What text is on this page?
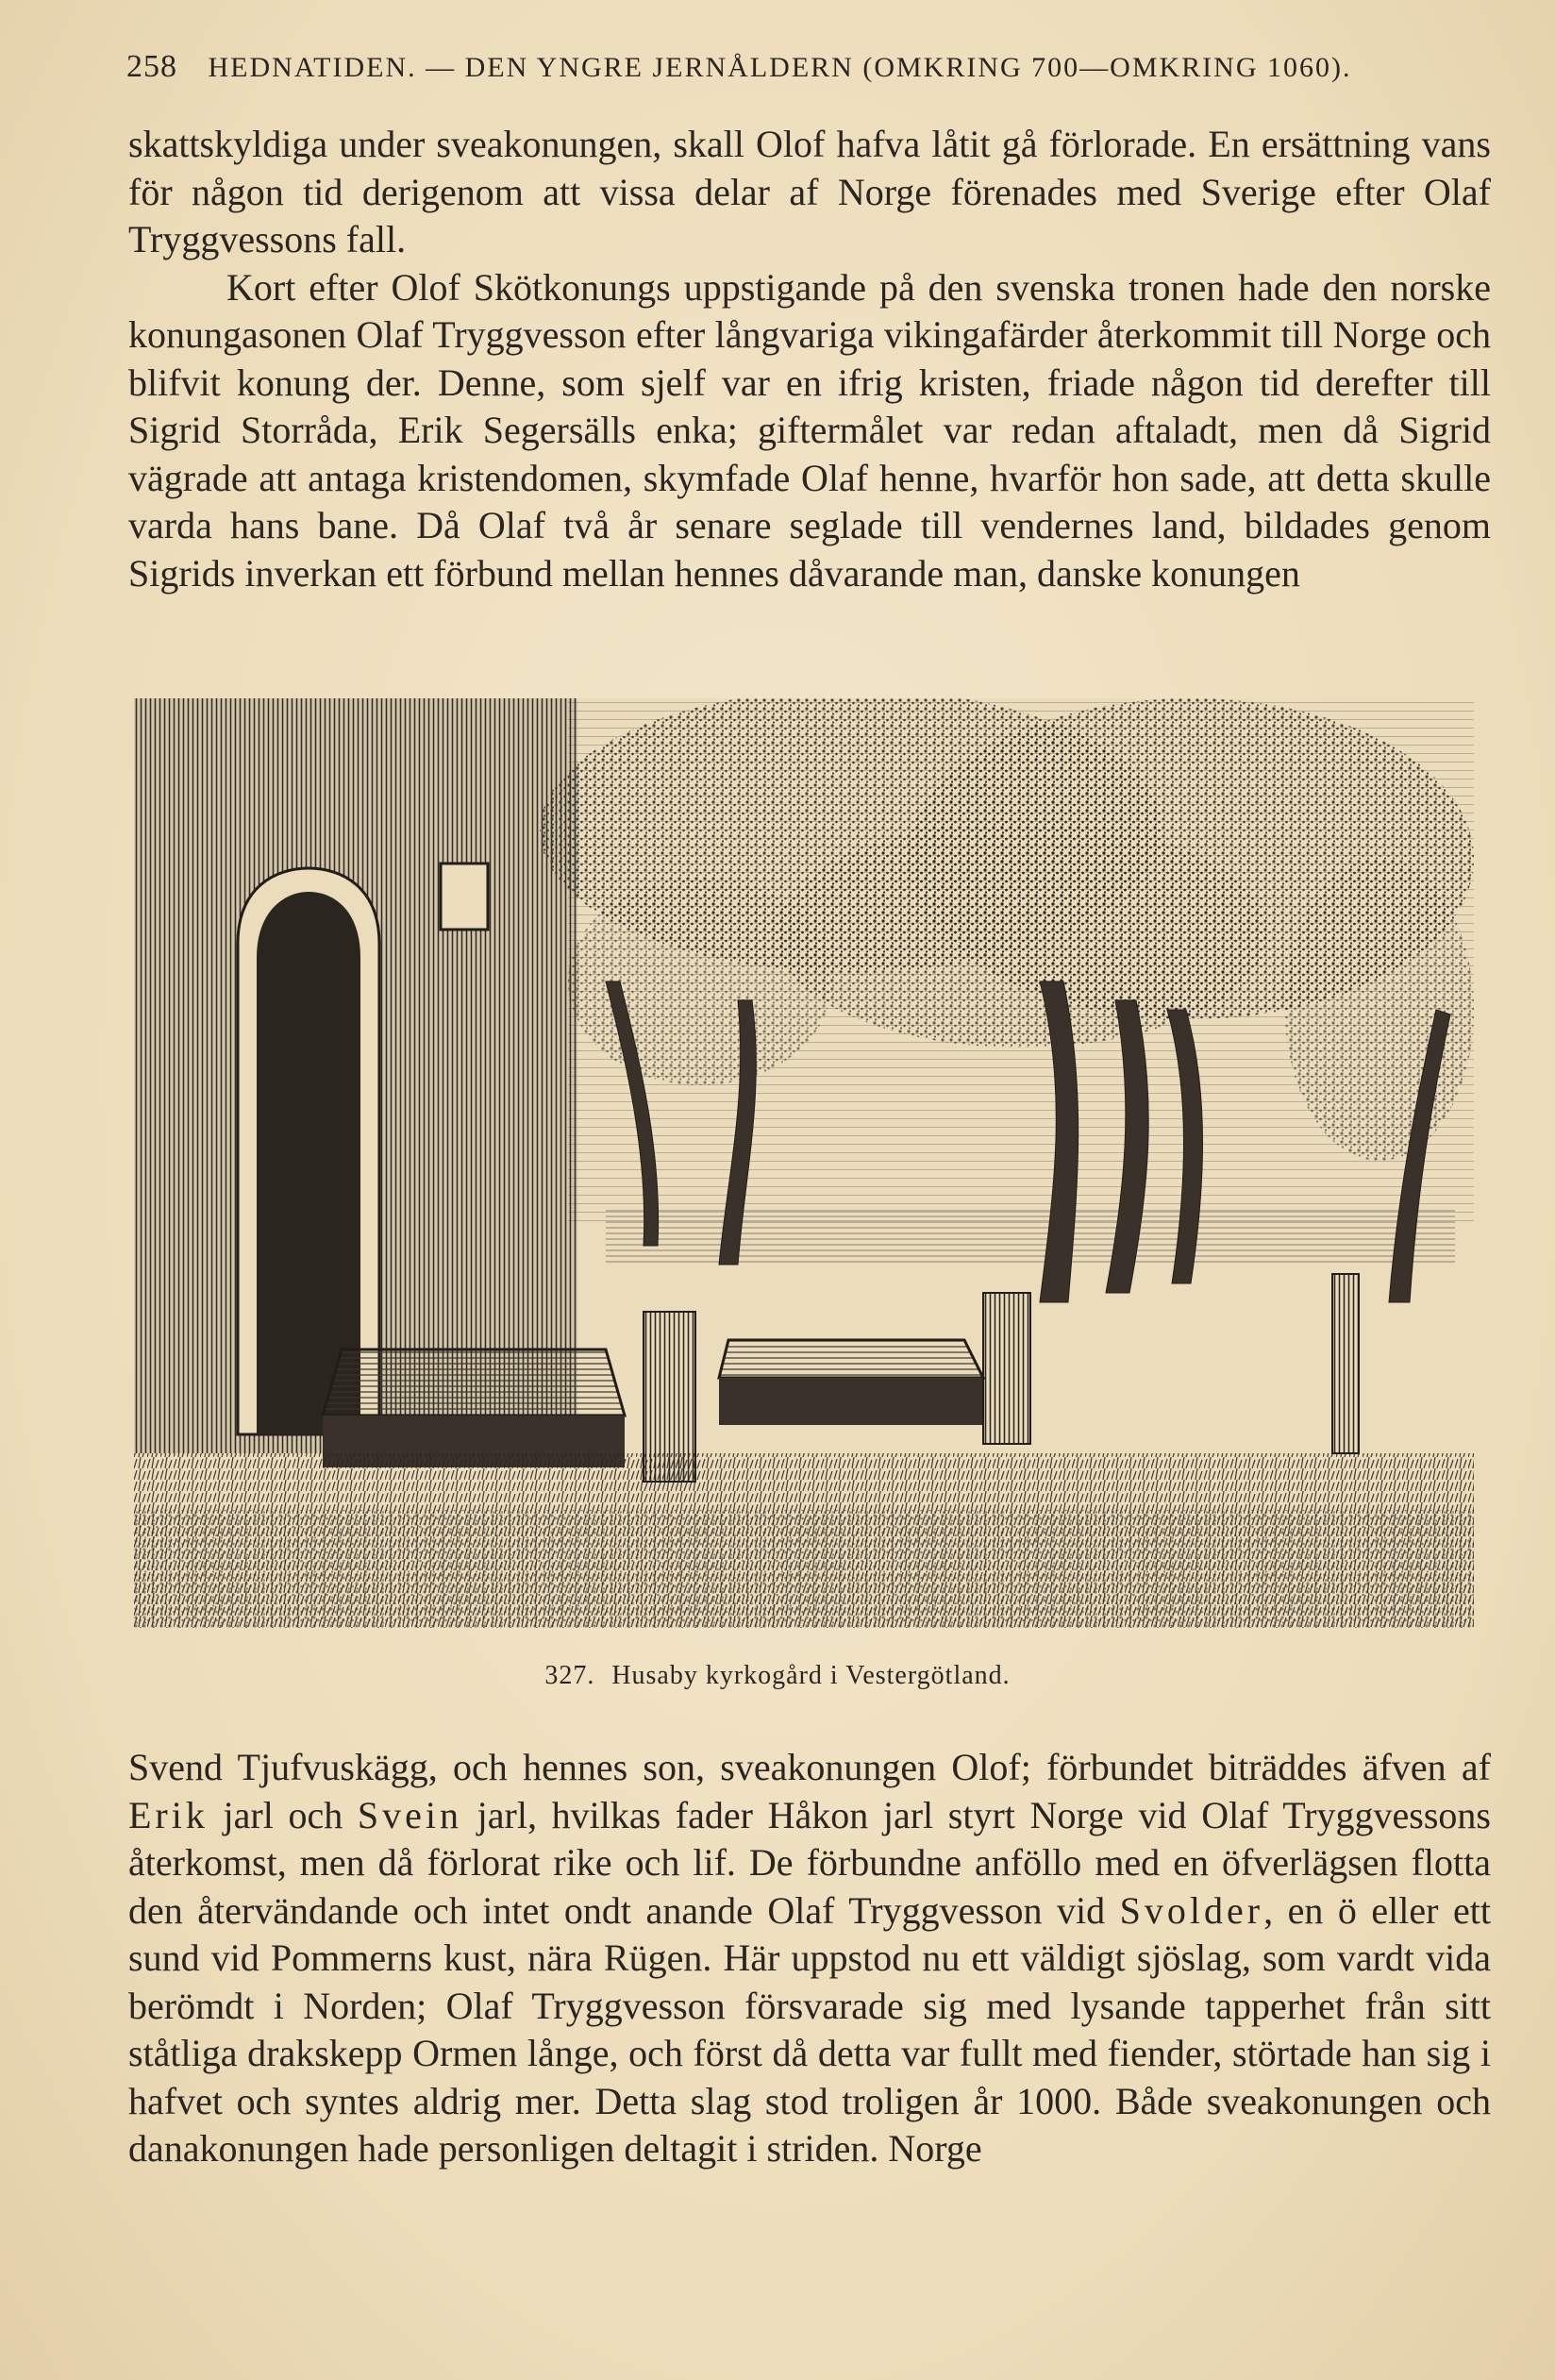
258 HEDNATIDEN. — DEN YNGRE JERNÅLDERN (OMKRING 700—OMKRING 1060).

skattskyldiga under sveakonungen, skall Olof hafva låtit gå förlorade. En ersättning vans för någon tid derigenom att vissa delar af Norge förenades med Sverige efter Olaf Tryggvessons fall.

Kort efter Olof Skötkonungs uppstigande på den svenska tronen hade den norske konungasonen Olaf Tryggvesson efter långvariga vikingafärder återkommit till Norge och blifvit konung der. Denne, som sjelf var en ifrig kristen, friade någon tid derefter till Sigrid Storråda, Erik Segersälls enka; giftermålet var redan aftaladt, men då Sigrid vägrade att antaga kristendomen, skymfade Olaf henne, hvarför hon sade, att detta skulle varda hans bane. Då Olaf två år senare seglade till vendernes land, bildades genom Sigrids inverkan ett förbund mellan hennes dåvarande man, danske konungen

327. Husaby kyrkogård i Vestergötland.

Svend Tjufvuskägg, och hennes son, sveakonungen Olof; förbundet biträddes äfven af Erik jarl och Svein jarl, hvilkas fader Håkon jarl styrt Norge vid Olaf Tryggvessons återkomst, men då förlorat rike och lif. De förbundne anföllo med en öfverlägsen flotta den återvändande och intet ondt anande Olaf Tryggvesson vid Svolder, en ö eller ett sund vid Pommerns kust, nära Rügen. Här uppstod nu ett väldigt sjöslag, som vardt vida berömdt i Norden; Olaf Tryggvesson försvarade sig med lysande tapperhet från sitt ståtliga drakskepp Ormen långe, och först då detta var fullt med fiender, störtade han sig i hafvet och syntes aldrig mer. Detta slag stod troligen år 1000. Både sveakonungen och danakonungen hade personligen deltagit i striden. Norge
